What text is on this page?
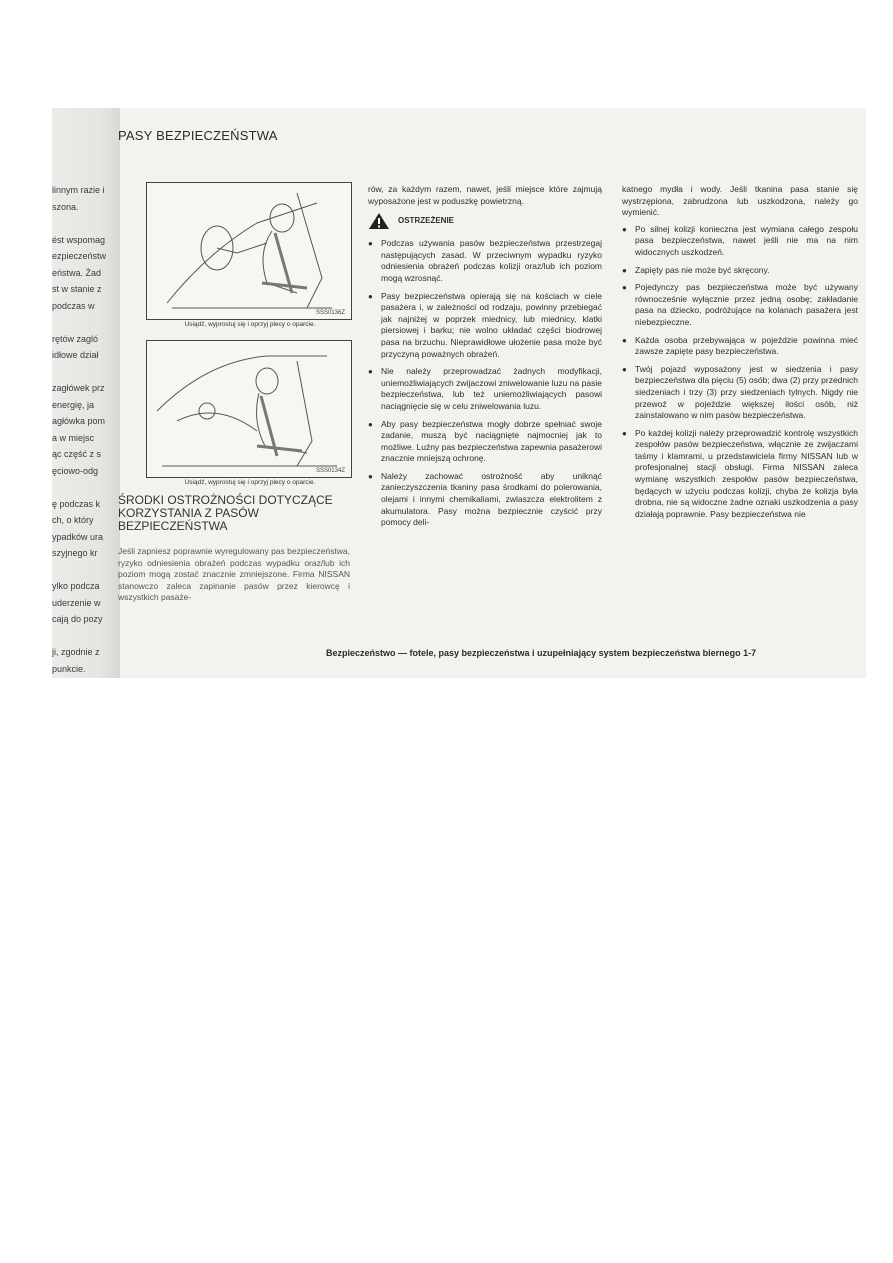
linnym razie i
szona.
ést wspomag
ezpieczeństw
eństwa. Żad
st w stanie z
podczas w
rętów zagló
idłowe dział
zagłówek prz
energię, ja
agłówka pom
a w miejsc
ąc część z s
ęciowo-odg
ę podczas k
ch, o który
ypadków ura
szyjnego kr
ylko podcza
uderzenie w
cają do pozy
ji, zgodnie z
punkcie.
PASY BEZPIECZEŃSTWA
SSS0136Z
Usiądź, wyprostuj się i oprzyj plecy o oparcie.
SSS0134Z
Usiądź, wyprostuj się i oprzyj plecy o oparcie.
ŚRODKI OSTROŻNOŚCI DOTYCZĄCE KORZYSTANIA Z PASÓW BEZPIECZEŃSTWA

Jeśli zapniesz poprawnie wyregulowany pas bezpieczeństwa, ryzyko odniesienia obrażeń podczas wypadku oraz/lub ich poziom mogą zostać znacznie zmniejszone. Firma NISSAN stanowczo zaleca zapinanie pasów przez kierowcę i wszystkich pasaże-

rów, za każdym razem, nawet, jeśli miejsce które zajmują wyposażone jest w poduszkę powietrzną.

OSTRZEŻENIE
● Podczas używania pasów bezpieczeństwa przestrzegaj następujących zasad. W przeciwnym wypadku ryzyko odniesienia obrażeń podczas kolizji oraz/lub ich poziom mogą wzrosnąć.
● Pasy bezpieczeństwa opierają się na kościach w ciele pasażera i, w zależności od rodzaju, powinny przebiegać jak najniżej w poprzek miednicy, lub miednicy, klatki piersiowej i barku; nie wolno układać części biodrowej pasa na brzuchu. Nieprawidłowe ułożenie pasa może być przyczyną poważnych obrażeń.
● Nie należy przeprowadzać żadnych modyfikacji, uniemożliwiających zwijaczowi zniwelowanie luzu na pasie bezpieczeństwa, lub też uniemożliwiających pasowi naciągnięcie się w celu zniwelowania luzu.
● Aby pasy bezpieczeństwa mogły dobrze spełniać swoje zadanie, muszą być naciągnięte najmocniej jak to możliwe. Luźny pas bezpieczeństwa zapewnia pasażerowi znacznie mniejszą ochronę.
● Należy zachować ostrożność aby uniknąć zanieczyszczenia tkaniny pasa środkami do polerowania, olejami i innymi chemikaliami, zwlaszcza elektrolitem z akumulatora. Pasy można bezpiecznie czyścić przy pomocy deli-

katnego mydła i wody. Jeśli tkanina pasa stanie się wystrzępiona, zabrudzona lub uszkodzona, należy go wymienić.

● Po silnej kolizji konieczna jest wymiana całego zespołu pasa bezpieczeństwa, nawet jeśli nie ma na nim widocznych uszkodzeń.
● Zapięty pas nie może być skręcony.
● Pojedynczy pas bezpieczeństwa może być używany równocześnie wyłącznie przez jedną osobę; zakładanie pasa na dziecko, podróżujące na kolanach pasażera jest niebezpieczne.
● Każda osoba przebywająca w pojeździe powinna mieć zawsze zapięte pasy bezpieczeństwa.
● Twój pojazd wyposażony jest w siedzenia i pasy bezpieczeństwa dla pięciu (5) osób; dwa (2) przy przednich siedzeniach i trzy (3) przy siedzeniach tylnych. Nigdy nie przewoź w pojeździe większej ilości osób, niż zainstalowano w nim pasów bezpieczeństwa.
● Po każdej kolizji należy przeprowadzić kontrolę wszystkich zespołów pasów bezpieczeństwa, włącznie ze zwijaczami taśmy i klamrami, u przedstawiciela firmy NISSAN lub w profesjonalnej stacji obsługi. Firma NISSAN zaleca wymianę wszystkich zespołów pasów bezpieczeństwa, będących w użyciu podczas kolizji, chyba że kolizja była drobna, nie są widoczne żadne oznaki uszkodzenia a pasy działają poprawnie. Pasy bezpieczeństwa nie
Bezpieczeństwo — fotele, pasy bezpieczeństwa i uzupełniający system bezpieczeństwa biernego 1-7
